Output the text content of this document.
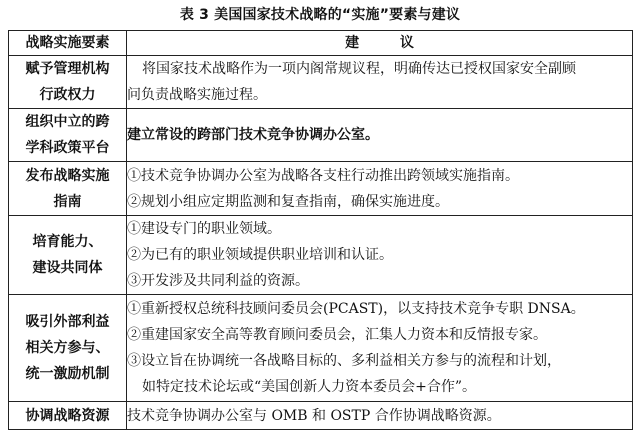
表 3 美国国家技术战略的“实施”要素与建议
战略实施要素	建 议

赋予管理机构
行政权力	将国家技术战略作为一项内阁常规议程，明确传达已授权国家安全副顾
问负责战略实施过程。

组织中立的跨
学科政策平台	建立常设的跨部门技术竞争协调办公室。

发布战略实施
指南	①技术竞争协调办公室为战略各支柱行动推出跨领域实施指南。
②规划小组应定期监测和复查指南，确保实施进度。

培育能力、
建设共同体	①建设专门的职业领域。
②为已有的职业领域提供职业培训和认证。
③开发涉及共同利益的资源。

吸引外部利益
相关方参与、
统一激励机制	①重新授权总统科技顾问委员会(PCAST)，以支持技术竞争专职 DNSA。
②重建国家安全高等教育顾问委员会，汇集人力资本和反情报专家。
③设立旨在协调统一各战略目标的、多利益相关方参与的流程和计划，
如特定技术论坛或“美国创新人力资本委员会+合作”。

协调战略资源	技术竞争协调办公室与 OMB 和 OSTP 合作协调战略资源。
